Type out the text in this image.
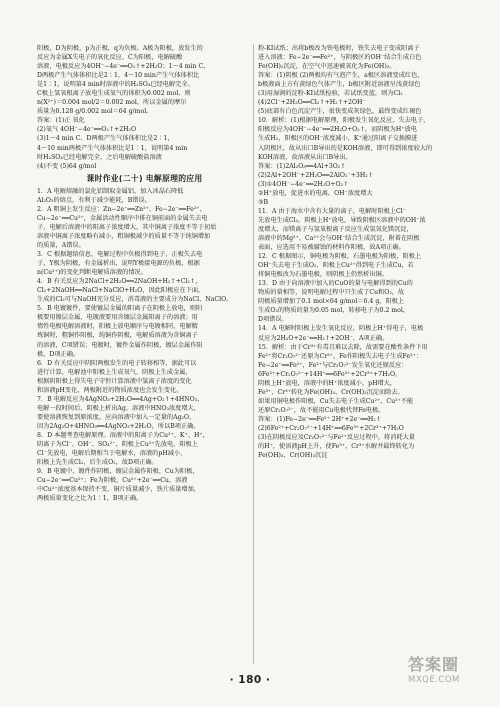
阳极，D为阴极，p为正极，q为负极。A极为阳极，放发生的

反应为金属X失电子的氧化反应，C为阳极，电解硫酸

溶液，电极反应为4OH⁻−4e⁻══O₂↑+2H₂O；1～4 min C、

D两极产生气体体积比是2∶1，4～10 min产生气体体积比

是1∶1，说明第4 min时溶液中的H₂SO₄已经电解完全。

C极上氢氧根离子放电生成氧气的体积为0.002 mol，则

n(X²⁺)＝0.004 mol/2＝0.002 mol，所以金属的摩尔

质量为0.128 g/0.002 mol＝64 g/mol。

答案：(1)正 氧化

(2)氧气 4OH⁻−4e⁻══O₂↑+2H₂O

(3)1～4 min C、D两极产生气体体积比是2∶1，

4～10 min两极产生气体体积比是1∶1，说明第4 min

时H₂SO₄已经电解完全，之后电解硫酸盐溶液

(4)不变 (5)64 g/mol

课时作业(二十) 电解原理的应用

1．A 电解熔融的氯化铝制取金属铝，加入冰晶石降低

Al₂O₃的熔点，有利于减少能耗，B错误。

2．A 粗铜上发生反应：Zn−2e⁻══Zn²⁺、Fe−2e⁻══Fe²⁺、

Cu−2e⁻══Cu²⁺，金属活动性顺序中排在铜前面的金属失去电

子，电解后溶液中的阳离子浓度增大，其中铜离子浓度不等于初始

溶液中铜离子浓度略有减小，粗铜极减少的质量不等于纯铜增加

的质量，A错误。

3．C 根据题给信息，电解过程中负极得到电子，正极失去电

子，Y极为阴极，有金属析出，说明Y极接电源的负极，根据

n(Cu²⁺)的变化判断电解质溶液的情况。

4．B 有关反应为2NaCl+2H₂O══2NaOH+H₂↑+Cl₂↑，

Cl₂+2NaOH══NaCl+NaClO+H₂O，因此阳极应在下面，

生成的Cl₂可与NaOH充分反应，消毒液的主要成分为NaCl、NaClO。

5．B 电镀镀件，要使镀层金属的阳离子在阴极上放电，则阳

极要用镀层金属，电镀液要用含镀层金属阳离子的溶液；用

惰性电极电解溶液时，阳极上放电顺序与电镀相同，电解精

炼铜时，粗铜作阳极，纯铜作阴极，电解质溶液为含铜离子

的溶液，C项错误；电镀时，镀件金属作阴极，镀层金属作阳

极，D项正确。

6．D 有关反应中阴阳两极发生的电子转移相等，据此可以

进行计算，电解池中阳极上生成氧气、阴极上生成金属，

根据阴阳极上得失电子守恒计算溶液中氢离子浓度的变化

和溶液pH变化，两极附近的物质浓度也会发生变化。

7．B 电解反应为4AgNO₃+2H₂O══4Ag+O₂↑+4HNO₃，

电解一段时间后，阴极上析出Ag，溶液中HNO₃浓度增大，

要使溶液恢复到原浓度，应向溶液中加入一定量的Ag₂O，

因为2Ag₂O+4HNO₃══4AgNO₃+2H₂O，所以B项正确。

8．D 本题考查电解原理。溶液中的阳离子为Cu²⁺、K⁺、H⁺，

阴离子为Cl⁻、OH⁻、SO₄²⁻，阴极上Cu²⁺先放电，阳极上

Cl⁻先放电，电解后期相当于电解水，溶液的pH减小，

阳极上先生成Cl₂，后生成O₂，故D项正确。

9．B 电镀中，镀件作阴极，镀层金属作阳极，Cu为阳极，

Cu−2e⁻══Cu²⁺；Fe为阴极，Cu²⁺+2e⁻══Cu，溶液

中Cu²⁺浓度基本保持不变，铜片质量减少，铁片质量增加，

两极质量变化之比为1∶1，B项正确。

粉-KI试纸；出将b极改为铁电极时，铁失去电子变成阳离子

进入溶液：Fe−2e⁻══Fe²⁺，与阴极区的OH⁻结合生成白色

Fe(OH)₂沉淀，在空气中迅速被氧化为Fe(OH)₃。

答案：(1)阴极 (2)两极均有气泡产生，a极区溶液变成红色，

b极液面上方有黄绿色气体产生，b极区附近溶液呈浅黄绿色

(3)用湿润的淀粉-KI试纸检验，若试纸变蓝，则为Cl₂

(4)2Cl⁻+2H₂O══Cl₂↑+H₂↑+2OH⁻

(5)底部有白色沉淀产生，很快变成灰绿色，最终变成红褐色

10．解析：(1)根据电解原理，阳极发生氧化反应，失去电子，

阳极反应为4OH⁻−4e⁻══2H₂O+O₂↑，而阴极为H⁺放电

生成H₂，阳极区的OH⁻浓度减小，K⁺通过阳离子交换膜进

入阴极区，故从出口B导出的是KOH溶液，即可得到浓度较大的

KOH溶液，故溶液从出口B导出。

答案：(1)2Al₂O₃══4Al+3O₂↑

(2)2Al+2OH⁻+2H₂O══2AlO₂⁻+3H₂↑

(3)①4OH⁻−4e⁻══2H₂O+O₂↑

②H⁺放电，促进水的电离，OH⁻浓度增大

③B

11．A 由于海水中含有大量的离子，电解时阳极上Cl⁻

先放电生成Cl₂，阴极上H⁺放电，导致阴极区溶液中的OH⁻浓

度增大，而镁离子与氢氧根离子反应生成氢氧化镁沉淀，

溶液中的Mg²⁺、Ca²⁺会与OH⁻结合生成沉淀，附着在阴极

表面，应选用不易被腐蚀的材料作阳极，故A项正确。

12．C 根据图示，铜电极为阴极，石墨电极为阳极，阳极上

OH⁻失去电子生成O₂，阴极上Cu²⁺得到电子生成Cu，若

将铜电极改为石墨电极，则阴极上仍然析出铜。

13．D 由于向溶液中加入的CuO的量与电解得到的Cu的

物质的量相等，说明电解过程中只生成了Cu和O₂，故

阴极质量增加了0.1 mol×64 g/mol＝6.4 g，阳极上

生成O₂的物质的量为0.05 mol，转移电子为0.2 mol，

D项错误。

14．A 电解时阳极上发生氧化反应，阴极上H⁺得电子，电极

反应为2H₂O+2e⁻══H₂↑+2OH⁻，A项正确。

15．解析：由于Cr³⁺有毒且难以去除，故需要在酸性条件下用

Fe²⁺将Cr₂O₇²⁻还原为Cr³⁺，Fe作阳极失去电子生成Fe²⁺：

Fe−2e⁻══Fe²⁺，Fe²⁺与Cr₂O₇²⁻发生氧化还原反应：

6Fe²⁺+Cr₂O₇²⁻+14H⁺══6Fe³⁺+2Cr³⁺+7H₂O，

阴极上H⁺放电，溶液中的H⁺浓度减小，pH增大，

Fe³⁺、Cr³⁺转化为Fe(OH)₃、Cr(OH)₃沉淀而除去。

如果用铜电极作阳极，Cu失去电子生成Cu²⁺，Cu²⁺不能

还原Cr₂O₇²⁻，故不能用Cu电极代替Fe电极。

答案：(1)Fe−2e⁻══Fe²⁺ 2H⁺+2e⁻══H₂↑

(2)6Fe²⁺+Cr₂O₇²⁻+14H⁺══6Fe³⁺+2Cr³⁺+7H₂O

(3)在阴极反应及Cr₂O₇²⁻与Fe²⁺反应过程中，将消耗大量

的H⁺，使溶液pH上升，使Fe³⁺、Cr³⁺水解并最终转化为

Fe(OH)₃、Cr(OH)₃沉淀

· 180 ·
答案圈
MXQE.COM
